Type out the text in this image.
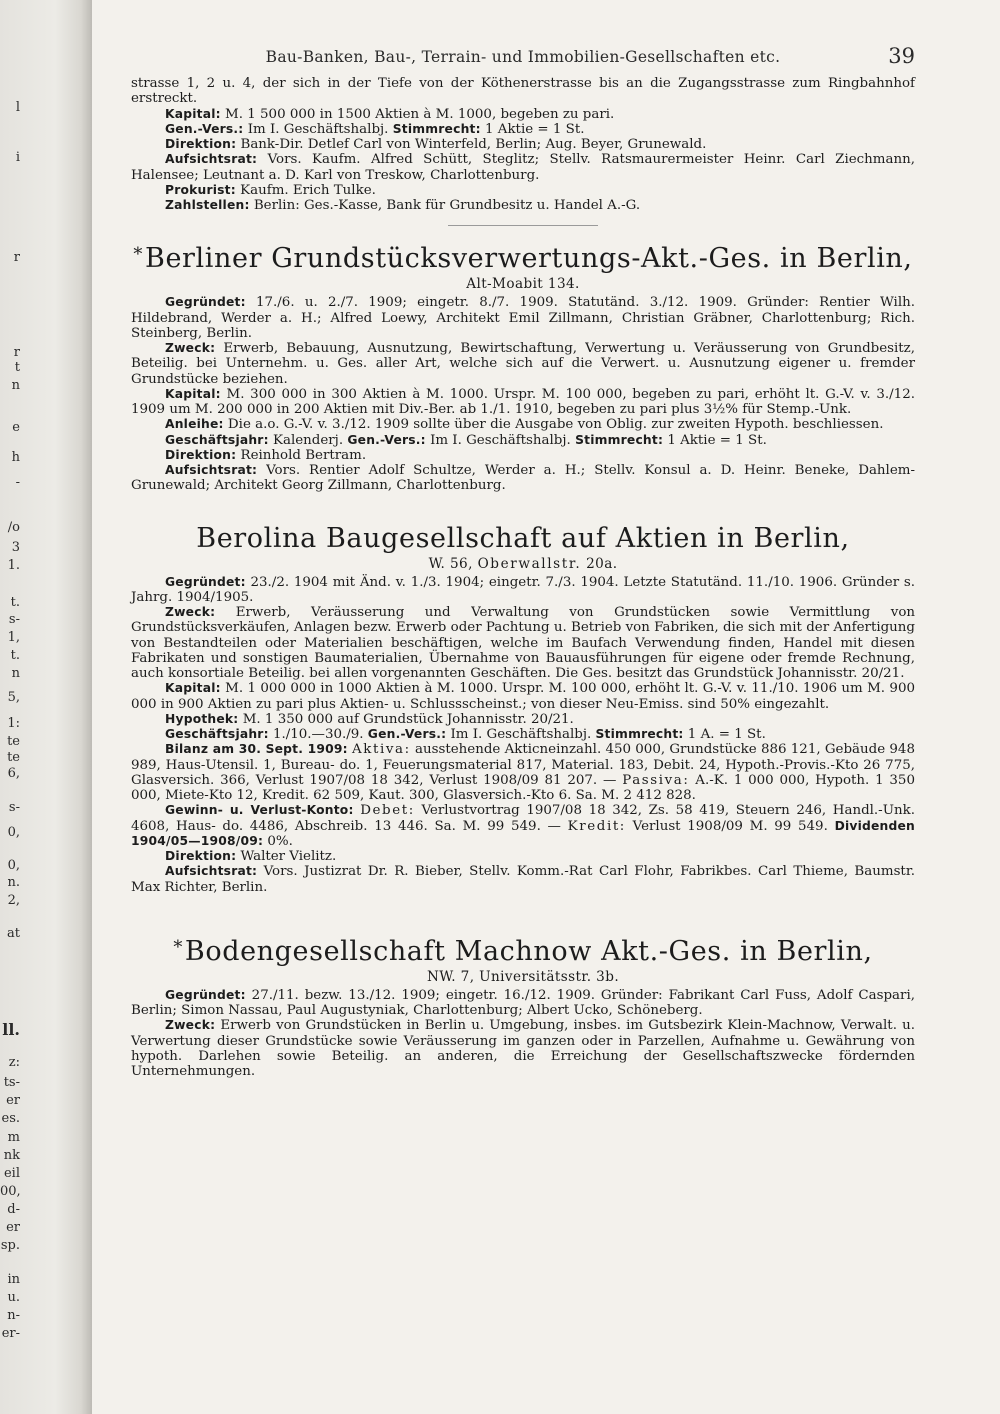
l
i
r
r
t
n
e
h
-
/o
3
1.
t.
s-
1,
t.
n
5,
1:
te
te
6,
s-
0,
0,
n.
2,
at
ll.
z:
ts-
er
es.
m
nk
eil
00,
d-
er
sp.
in
u.
n-
er-
Bau-Banken, Bau-, Terrain- und Immobilien-Gesellschaften etc.	39

strasse 1, 2 u. 4, der sich in der Tiefe von der Köthenerstrasse bis an die Zugangsstrasse zum Ringbahnhof erstreckt.

Kapital: M. 1 500 000 in 1500 Aktien à M. 1000, begeben zu pari.

Gen.-Vers.: Im I. Geschäftshalbj. Stimmrecht: 1 Aktie = 1 St.

Direktion: Bank-Dir. Detlef Carl von Winterfeld, Berlin; Aug. Beyer, Grunewald.

Aufsichtsrat: Vors. Kaufm. Alfred Schütt, Steglitz; Stellv. Ratsmaurermeister Heinr. Carl Ziechmann, Halensee; Leutnant a. D. Karl von Treskow, Charlottenburg.

Prokurist: Kaufm. Erich Tulke.

Zahlstellen: Berlin: Ges.-Kasse, Bank für Grundbesitz u. Handel A.-G.

*Berliner Grundstücksverwertungs-Akt.-Ges. in Berlin,

Alt-Moabit 134.

Gegründet: 17./6. u. 2./7. 1909; eingetr. 8./7. 1909. Statutänd. 3./12. 1909. Gründer: Rentier Wilh. Hildebrand, Werder a. H.; Alfred Loewy, Architekt Emil Zillmann, Christian Gräbner, Charlottenburg; Rich. Steinberg, Berlin.

Zweck: Erwerb, Bebauung, Ausnutzung, Bewirtschaftung, Verwertung u. Veräusserung von Grundbesitz, Beteilig. bei Unternehm. u. Ges. aller Art, welche sich auf die Verwert. u. Ausnutzung eigener u. fremder Grundstücke beziehen.

Kapital: M. 300 000 in 300 Aktien à M. 1000. Urspr. M. 100 000, begeben zu pari, erhöht lt. G.-V. v. 3./12. 1909 um M. 200 000 in 200 Aktien mit Div.-Ber. ab 1./1. 1910, begeben zu pari plus 3½% für Stemp.-Unk.

Anleihe: Die a.o. G.-V. v. 3./12. 1909 sollte über die Ausgabe von Oblig. zur zweiten Hypoth. beschliessen.

Geschäftsjahr: Kalenderj. Gen.-Vers.: Im I. Geschäftshalbj. Stimmrecht: 1 Aktie = 1 St.

Direktion: Reinhold Bertram.

Aufsichtsrat: Vors. Rentier Adolf Schultze, Werder a. H.; Stellv. Konsul a. D. Heinr. Beneke, Dahlem-Grunewald; Architekt Georg Zillmann, Charlottenburg.

Berolina Baugesellschaft auf Aktien in Berlin,

W. 56, Oberwallstr. 20a.

Gegründet: 23./2. 1904 mit Änd. v. 1./3. 1904; eingetr. 7./3. 1904. Letzte Statutänd. 11./10. 1906. Gründer s. Jahrg. 1904/1905.

Zweck: Erwerb, Veräusserung und Verwaltung von Grundstücken sowie Vermittlung von Grundstücksverkäufen, Anlagen bezw. Erwerb oder Pachtung u. Betrieb von Fabriken, die sich mit der Anfertigung von Bestandteilen oder Materialien beschäftigen, welche im Baufach Verwendung finden, Handel mit diesen Fabrikaten und sonstigen Baumaterialien, Übernahme von Bauausführungen für eigene oder fremde Rechnung, auch konsortiale Beteilig. bei allen vorgenannten Geschäften. Die Ges. besitzt das Grundstück Johannisstr. 20/21.

Kapital: M. 1 000 000 in 1000 Aktien à M. 1000. Urspr. M. 100 000, erhöht lt. G.-V. v. 11./10. 1906 um M. 900 000 in 900 Aktien zu pari plus Aktien- u. Schlussscheinst.; von dieser Neu-Emiss. sind 50% eingezahlt.

Hypothek: M. 1 350 000 auf Grundstück Johannisstr. 20/21.

Geschäftsjahr: 1./10.—30./9. Gen.-Vers.: Im I. Geschäftshalbj. Stimmrecht: 1 A. = 1 St.

Bilanz am 30. Sept. 1909: Aktiva: ausstehende Akticneinzahl. 450 000, Grundstücke 886 121, Gebäude 948 989, Haus-Utensil. 1, Bureau- do. 1, Feuerungsmaterial 817, Material. 183, Debit. 24, Hypoth.-Provis.-Kto 26 775, Glasversich. 366, Verlust 1907/08 18 342, Verlust 1908/09 81 207. — Passiva: A.-K. 1 000 000, Hypoth. 1 350 000, Miete-Kto 12, Kredit. 62 509, Kaut. 300, Glasversich.-Kto 6. Sa. M. 2 412 828.

Gewinn- u. Verlust-Konto: Debet: Verlustvortrag 1907/08 18 342, Zs. 58 419, Steuern 246, Handl.-Unk. 4608, Haus- do. 4486, Abschreib. 13 446. Sa. M. 99 549. — Kredit: Verlust 1908/09 M. 99 549. Dividenden 1904/05—1908/09: 0%.

Direktion: Walter Vielitz.

Aufsichtsrat: Vors. Justizrat Dr. R. Bieber, Stellv. Komm.-Rat Carl Flohr, Fabrikbes. Carl Thieme, Baumstr. Max Richter, Berlin.

*Bodengesellschaft Machnow Akt.-Ges. in Berlin,

NW. 7, Universitätsstr. 3b.

Gegründet: 27./11. bezw. 13./12. 1909; eingetr. 16./12. 1909. Gründer: Fabrikant Carl Fuss, Adolf Caspari, Berlin; Simon Nassau, Paul Augustyniak, Charlottenburg; Albert Ucko, Schöneberg.

Zweck: Erwerb von Grundstücken in Berlin u. Umgebung, insbes. im Gutsbezirk Klein-Machnow, Verwalt. u. Verwertung dieser Grundstücke sowie Veräusserung im ganzen oder in Parzellen, Aufnahme u. Gewährung von hypoth. Darlehen sowie Beteilig. an anderen, die Erreichung der Gesellschaftszwecke fördernden Unternehmungen.
